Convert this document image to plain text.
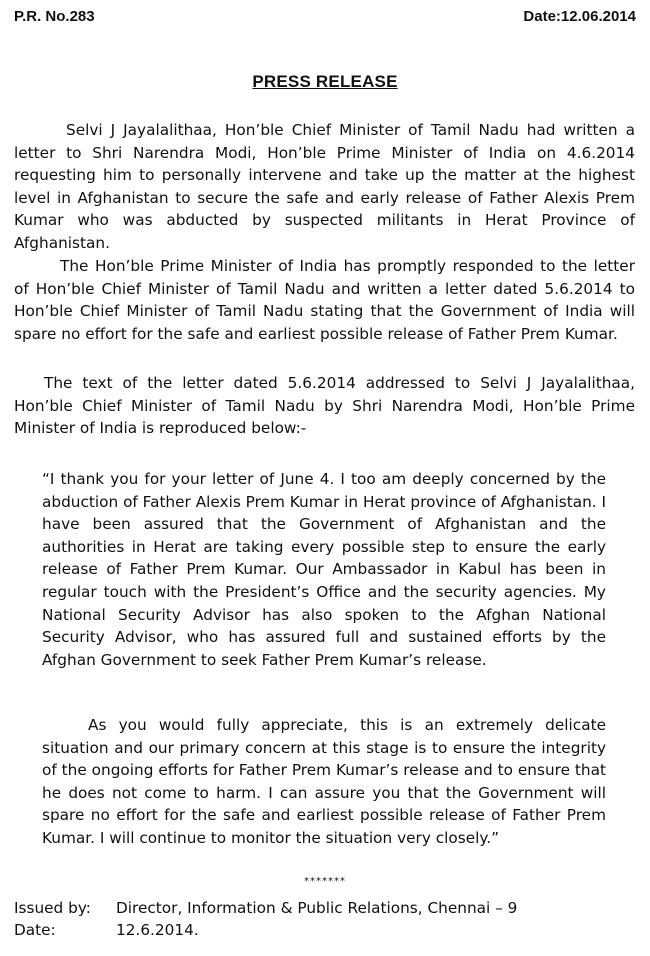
P.R. No.283	Date:12.06.2014
PRESS RELEASE

Selvi J Jayalalithaa, Hon’ble Chief Minister of Tamil Nadu had written a letter to Shri Narendra Modi, Hon’ble Prime Minister of India on 4.6.2014 requesting him to personally intervene and take up the matter at the highest level in Afghanistan to secure the safe and early release of Father Alexis Prem Kumar who was abducted by suspected militants in Herat Province of Afghanistan.

The Hon’ble Prime Minister of India has promptly responded to the letter of Hon’ble Chief Minister of Tamil Nadu and written a letter dated 5.6.2014 to Hon’ble Chief Minister of Tamil Nadu stating that the Government of India will spare no effort for the safe and earliest possible release of Father Prem Kumar.

The text of the letter dated 5.6.2014 addressed to Selvi J Jayalalithaa, Hon’ble Chief Minister of Tamil Nadu by Shri Narendra Modi, Hon’ble Prime Minister of India is reproduced below:-

“I thank you for your letter of June 4. I too am deeply concerned by the abduction of Father Alexis Prem Kumar in Herat province of Afghanistan. I have been assured that the Government of Afghanistan and the authorities in Herat are taking every possible step to ensure the early release of Father Prem Kumar. Our Ambassador in Kabul has been in regular touch with the President’s Office and the security agencies. My National Security Advisor has also spoken to the Afghan National Security Advisor, who has assured full and sustained efforts by the Afghan Government to seek Father Prem Kumar’s release.

As you would fully appreciate, this is an extremely delicate situation and our primary concern at this stage is to ensure the integrity of the ongoing efforts for Father Prem Kumar’s release and to ensure that he does not come to harm. I can assure you that the Government will spare no effort for the safe and earliest possible release of Father Prem Kumar. I will continue to monitor the situation very closely.”

*******
Issued by: Director, Information & Public Relations, Chennai – 9
Date:	12.6.2014.
